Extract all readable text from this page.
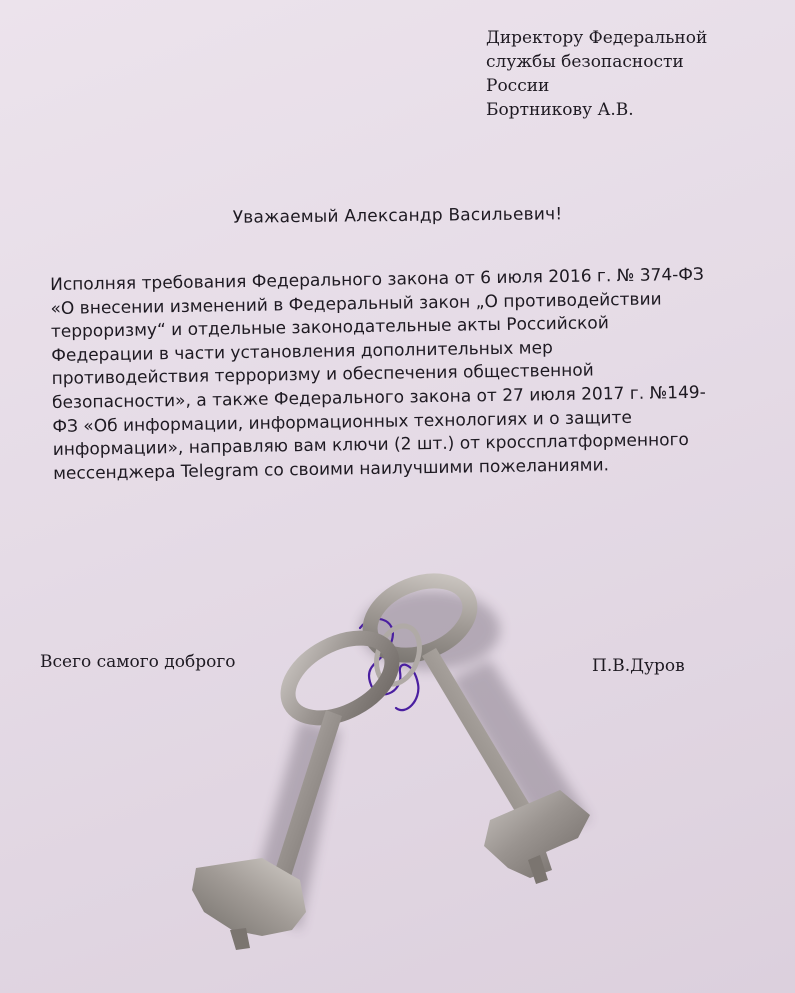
Директору Федеральной
службы безопасности
России
Бортникову А.В.
Уважаемый Александр Васильевич!
Исполняя требования Федерального закона от 6 июля 2016 г. № 374-ФЗ
«О внесении изменений в Федеральный закон „О противодействии
терроризму“ и отдельные законодательные акты Российской
Федерации в части установления дополнительных мер
противодействия терроризму и обеспечения общественной
безопасности», а также Федерального закона от 27 июля 2017 г. №149-
ФЗ «Об информации, информационных технологиях и о защите
информации», направляю вам ключи (2 шт.) от кроссплатформенного
мессенджера Telegram со своими наилучшими пожеланиями.
Всего самого доброго	П.В.Дуров
